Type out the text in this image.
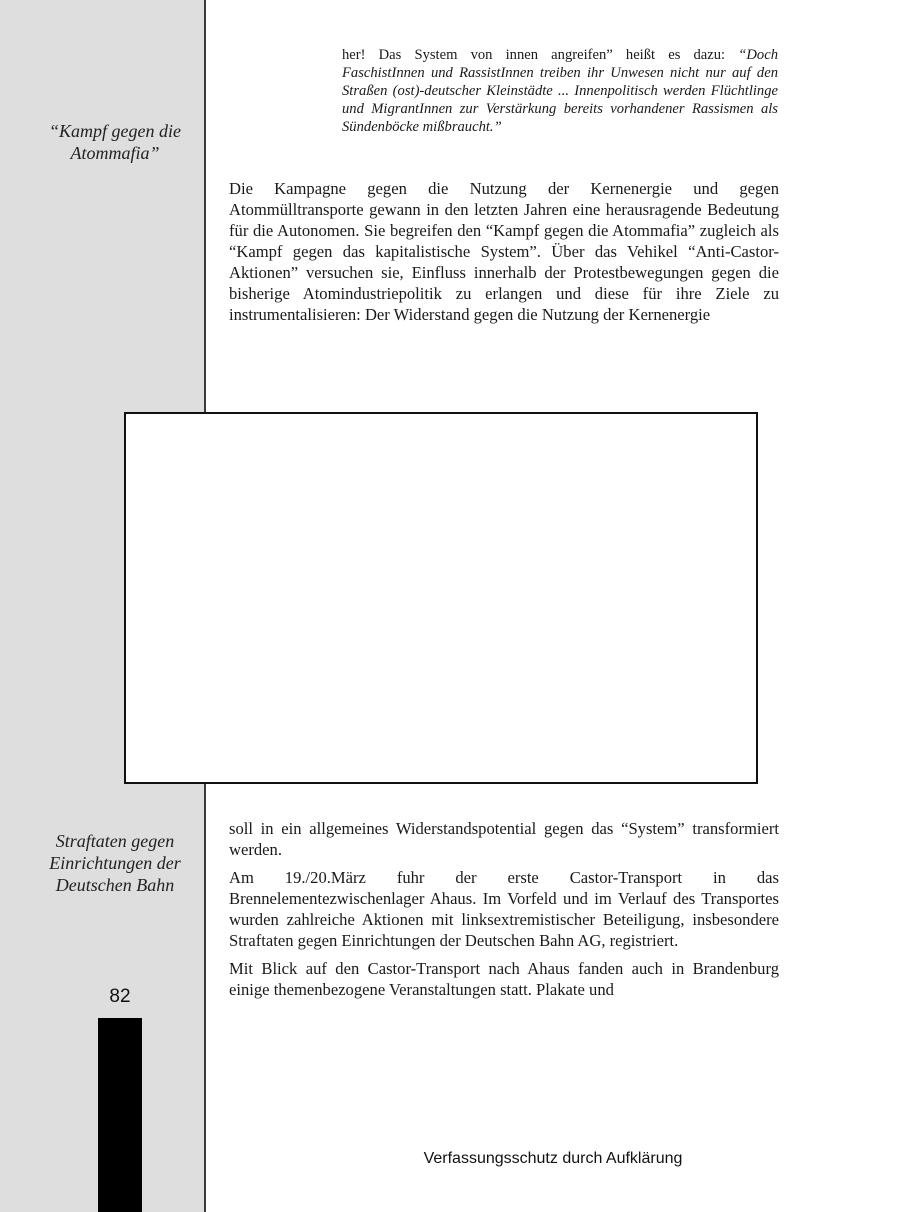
“Kampf gegen die Atommafia”
Straftaten gegen Einrichtungen der Deutschen Bahn
82
her! Das System von innen angreifen” heißt es dazu: “Doch FaschistInnen und RassistInnen treiben ihr Unwesen nicht nur auf den Straßen (ost)-deutscher Kleinstädte ... Innenpolitisch werden Flüchtlinge und MigrantInnen zur Verstärkung bereits vorhandener Rassismen als Sündenböcke mißbraucht.”

Die Kampagne gegen die Nutzung der Kernenergie und gegen Atommülltransporte gewann in den letzten Jahren eine herausragende Bedeutung für die Autonomen. Sie begreifen den “Kampf gegen die Atommafia” zugleich als “Kampf gegen das kapitalistische System”. Über das Vehikel “Anti-Castor-Aktionen” versuchen sie, Einfluss innerhalb der Protestbewegungen gegen die bisherige Atomindustriepolitik zu erlangen und diese für ihre Ziele zu instrumentalisieren: Der Widerstand gegen die Nutzung der Kernenergie

soll in ein allgemeines Widerstandspotential gegen das “System” transformiert werden.

Am 19./20.März fuhr der erste Castor-Transport in das Brennelementezwischenlager Ahaus. Im Vorfeld und im Verlauf des Transportes wurden zahlreiche Aktionen mit linksextremistischer Beteiligung, insbesondere Straftaten gegen Einrichtungen der Deutschen Bahn AG, registriert.

Mit Blick auf den Castor-Transport nach Ahaus fanden auch in Brandenburg einige themenbezogene Veranstaltungen statt. Plakate und

Verfassungsschutz durch Aufklärung
